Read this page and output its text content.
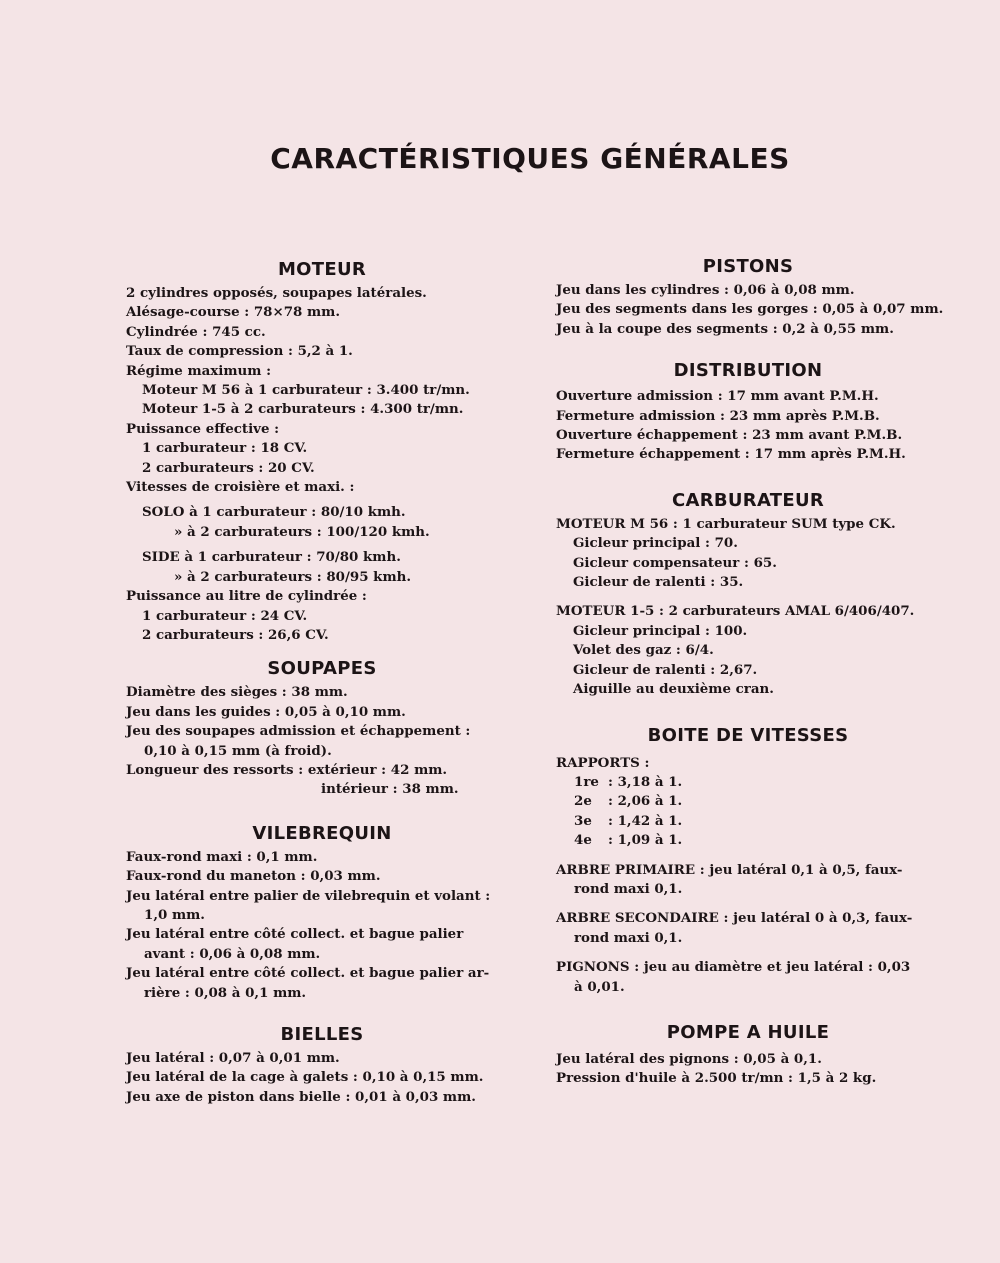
CARACTÉRISTIQUES GÉNÉRALES
MOTEUR
2 cylindres opposés, soupapes latérales.
Alésage-course : 78×78 mm.
Cylindrée : 745 cc.
Taux de compression : 5,2 à 1.
Régime maximum :
Moteur M 56 à 1 carburateur : 3.400 tr/mn.
Moteur 1-5 à 2 carburateurs : 4.300 tr/mn.
Puissance effective :
1 carburateur : 18 CV.
2 carburateurs : 20 CV.
Vitesses de croisière et maxi. :
SOLO à 1 carburateur : 80/10 kmh.
» à 2 carburateurs : 100/120 kmh.
SIDE à 1 carburateur : 70/80 kmh.
» à 2 carburateurs : 80/95 kmh.
Puissance au litre de cylindrée :
1 carburateur : 24 CV.
2 carburateurs : 26,6 CV.
SOUPAPES
Diamètre des sièges : 38 mm.
Jeu dans les guides : 0,05 à 0,10 mm.
Jeu des soupapes admission et échappement :
0,10 à 0,15 mm (à froid).
Longueur des ressorts : extérieur : 42 mm.
intérieur : 38 mm.
VILEBREQUIN
Faux-rond maxi : 0,1 mm.
Faux-rond du maneton : 0,03 mm.
Jeu latéral entre palier de vilebrequin et volant :
1,0 mm.
Jeu latéral entre côté collect. et bague palier
avant : 0,06 à 0,08 mm.
Jeu latéral entre côté collect. et bague palier ar-
rière : 0,08 à 0,1 mm.
BIELLES
Jeu latéral : 0,07 à 0,01 mm.
Jeu latéral de la cage à galets : 0,10 à 0,15 mm.
Jeu axe de piston dans bielle : 0,01 à 0,03 mm.
PISTONS
Jeu dans les cylindres : 0,06 à 0,08 mm.
Jeu des segments dans les gorges : 0,05 à 0,07 mm.
Jeu à la coupe des segments : 0,2 à 0,55 mm.
DISTRIBUTION
Ouverture admission : 17 mm avant P.M.H.
Fermeture admission : 23 mm après P.M.B.
Ouverture échappement : 23 mm avant P.M.B.
Fermeture échappement : 17 mm après P.M.H.
CARBURATEUR
MOTEUR M 56 : 1 carburateur SUM type CK.
Gicleur principal : 70.
Gicleur compensateur : 65.
Gicleur de ralenti : 35.
MOTEUR 1-5 : 2 carburateurs AMAL 6/406/407.
Gicleur principal : 100.
Volet des gaz : 6/4.
Gicleur de ralenti : 2,67.
Aiguille au deuxième cran.
BOITE DE VITESSES
RAPPORTS :
1re : 3,18 à 1.
2e : 2,06 à 1.
3e : 1,42 à 1.
4e : 1,09 à 1.
ARBRE PRIMAIRE : jeu latéral 0,1 à 0,5, faux-
rond maxi 0,1.
ARBRE SECONDAIRE : jeu latéral 0 à 0,3, faux-
rond maxi 0,1.
PIGNONS : jeu au diamètre et jeu latéral : 0,03
à 0,01.
POMPE A HUILE
Jeu latéral des pignons : 0,05 à 0,1.
Pression d'huile à 2.500 tr/mn : 1,5 à 2 kg.
